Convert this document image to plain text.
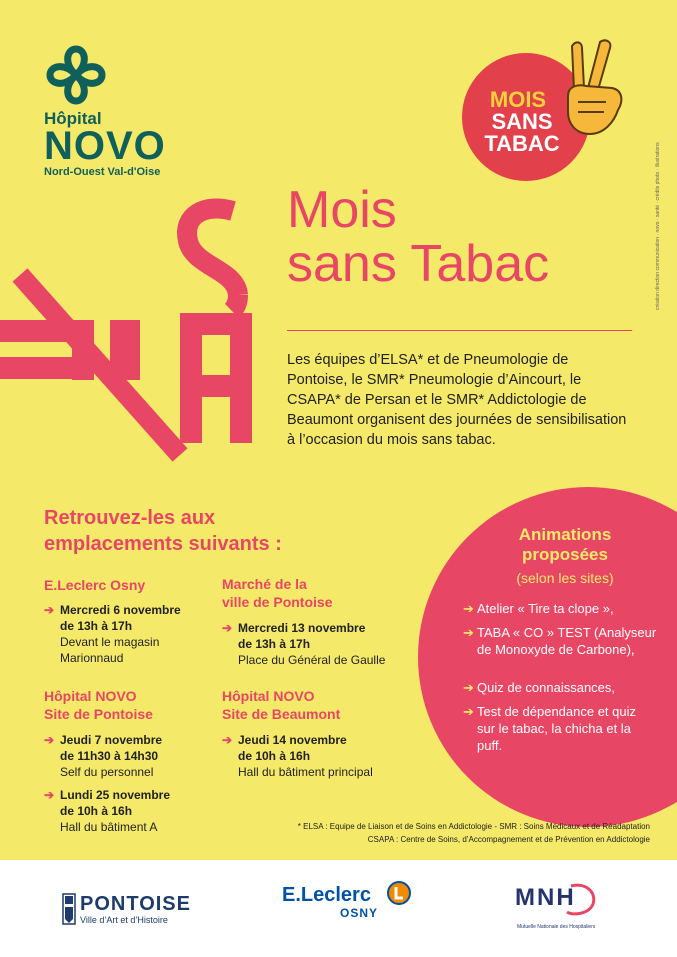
Hôpital
NOVO
Nord-Ouest Val-d'Oise
MOIS
SANS
TABAC
Mois
sans Tabac
Les équipes d’ELSA* et de Pneumologie de Pontoise, le SMR* Pneumologie d’Aincourt, le CSAPA* de Persan et le SMR* Addictologie de Beaumont organisent des journées de sensibilisation à l’occasion du mois sans tabac.
création direction communication · novo · santé · crédits photo · illustrations
Retrouvez-les aux
emplacements suivants :
E.Leclerc Osny
➔ Mercredi 6 novembre
de 13h à 17h
Devant le magasin
Marionnaud
Hôpital NOVO
Site de Pontoise
➔ Jeudi 7 novembre
de 11h30 à 14h30
Self du personnel
➔ Lundi 25 novembre
de 10h à 16h
Hall du bâtiment A
Marché de la
ville de Pontoise
➔ Mercredi 13 novembre
de 13h à 17h
Place du Général de Gaulle
Hôpital NOVO
Site de Beaumont
➔ Jeudi 14 novembre
de 10h à 16h
Hall du bâtiment principal
Animations
proposées
(selon les sites)
➔ Atelier « Tire ta clope »,
➔ TABA « CO » TEST (Analyseur de Monoxyde de Carbone),
➔ Quiz de connaissances,
➔ Test de dépendance et quiz sur le tabac, la chicha et la puff.
* ELSA : Equipe de Liaison et de Soins en Addictologie - SMR : Soins Médicaux et de Réadaptation
CSAPA : Centre de Soins, d’Accompagnement et de Prévention en Addictologie
PONTOISE
Ville d’Art et d’Histoire
E.Leclerc
OSNY
MNH
Mutuelle Nationale des Hospitaliers
